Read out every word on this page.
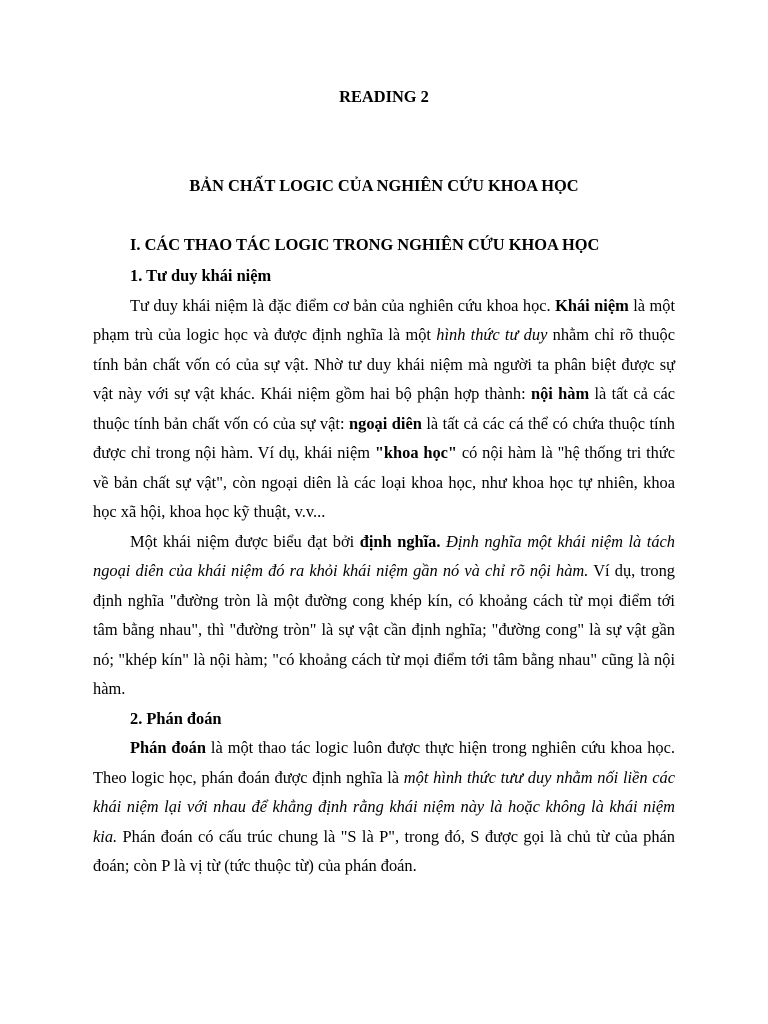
READING 2
BẢN CHẤT LOGIC CỦA NGHIÊN CỨU KHOA HỌC

I. CÁC THAO TÁC LOGIC TRONG NGHIÊN CỨU KHOA HỌC

1. Tư duy khái niệm

Tư duy khái niệm là đặc điểm cơ bản của nghiên cứu khoa học. Khái niệm là một phạm trù của logic học và được định nghĩa là một hình thức tư duy nhằm chỉ rõ thuộc tính bản chất vốn có của sự vật. Nhờ tư duy khái niệm mà người ta phân biệt được sự vật này với sự vật khác. Khái niệm gồm hai bộ phận hợp thành: nội hàm là tất cả các thuộc tính bản chất vốn có của sự vật: ngoại diên là tất cả các cá thể có chứa thuộc tính được chỉ trong nội hàm. Ví dụ, khái niệm "khoa học" có nội hàm là "hệ thống tri thức về bản chất sự vật", còn ngoại diên là các loại khoa học, như khoa học tự nhiên, khoa học xã hội, khoa học kỹ thuật, v.v...

Một khái niệm được biểu đạt bởi định nghĩa. Định nghĩa một khái niệm là tách ngoại diên của khái niệm đó ra khỏi khái niệm gần nó và chỉ rõ nội hàm. Ví dụ, trong định nghĩa "đường tròn là một đường cong khép kín, có khoảng cách từ mọi điểm tới tâm bằng nhau", thì "đường tròn" là sự vật cần định nghĩa; "đường cong" là sự vật gần nó; "khép kín" là nội hàm; "có khoảng cách từ mọi điểm tới tâm bằng nhau" cũng là nội hàm.

2. Phán đoán

Phán đoán là một thao tác logic luôn được thực hiện trong nghiên cứu khoa học. Theo logic học, phán đoán được định nghĩa là một hình thức tưư duy nhằm nối liền các khái niệm lại với nhau để khẳng định rằng khái niệm này là hoặc không là khái niệm kia. Phán đoán có cấu trúc chung là "S là P", trong đó, S được gọi là chủ từ của phán đoán; còn P là vị từ (tức thuộc từ) của phán đoán.
